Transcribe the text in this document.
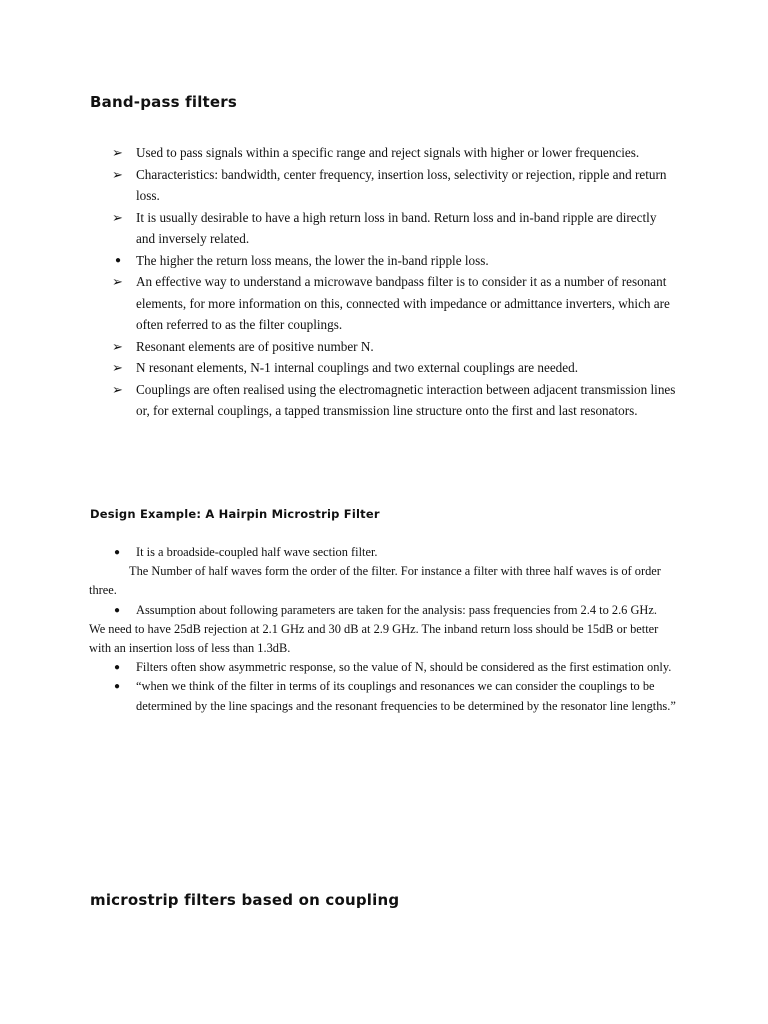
Band-pass filters
➢ Used to pass signals within a specific range and reject signals with higher or lower frequencies.
➢ Characteristics: bandwidth, center frequency, insertion loss, selectivity or rejection, ripple and return loss.
➢ It is usually desirable to have a high return loss in band. Return loss and in-band ripple are directly and inversely related.
●	The higher the return loss means, the lower the in-band ripple loss.
➢ An effective way to understand a microwave bandpass filter is to consider it as a number of resonant elements, for more information on this, connected with impedance or admittance inverters, which are often referred to as the filter couplings.
➢ Resonant elements are of positive number N.
➢ N resonant elements, N-1 internal couplings and two external couplings are needed.
➢ Couplings are often realised using the electromagnetic interaction between adjacent transmission lines or, for external couplings, a tapped transmission line structure onto the first and last resonators.
Design Example: A Hairpin Microstrip Filter
●	It is a broadside-coupled half wave section filter.
The Number of half waves form the order of the filter. For instance a filter with three half waves is of order three.
●	Assumption about following parameters are taken for the analysis: pass frequencies from 2.4 to 2.6 GHz. We need to have 25dB rejection at 2.1 GHz and 30 dB at 2.9 GHz. The inband return loss should be 15dB or better with an insertion loss of less than 1.3dB.
●	Filters often show asymmetric response, so the value of N, should be considered as the first estimation only.
●	“when we think of the filter in terms of its couplings and resonances we can consider the couplings to be determined by the line spacings and the resonant frequencies to be determined by the resonator line lengths.”
microstrip filters based on coupling
